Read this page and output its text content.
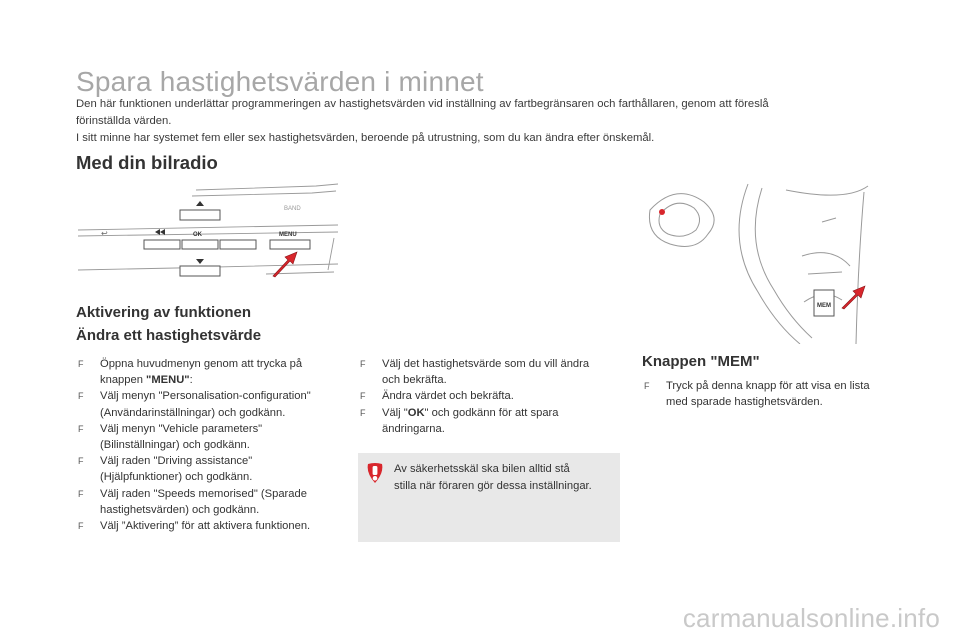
Spara hastighetsvärden i minnet
Den här funktionen underlättar programmeringen av hastighetsvärden vid inställning av fartbegränsaren och farthållaren, genom att föreslå
förinställda värden.
I sitt minne har systemet fem eller sex hastighetsvärden, beroende på utrustning, som du kan ändra efter önskemål.
Med din bilradio
BAND
OK	MENU
↩
MEM
Aktivering av funktionen
Ändra ett hastighetsvärde
F Öppna huvudmenyn genom att trycka på
knappen "MENU":
F Välj menyn "Personalisation-configuration"
(Användarinställningar) och godkänn.
F Välj menyn "Vehicle parameters"
(Bilinställningar) och godkänn.
F Välj raden "Driving assistance"
(Hjälpfunktioner) och godkänn.
F Välj raden "Speeds memorised" (Sparade
hastighetsvärden) och godkänn.
F Välj ”Aktivering” för att aktivera funktionen.
F Välj det hastighetsvärde som du vill ändra
och bekräfta.
F Ändra värdet och bekräfta.
F Välj "OK" och godkänn för att spara
ändringarna.
Av säkerhetsskäl ska bilen alltid stå
stilla när föraren gör dessa inställningar.
Knappen "MEM"
F Tryck på denna knapp för att visa en lista
med sparade hastighetsvärden.
carmanualsonline.info
